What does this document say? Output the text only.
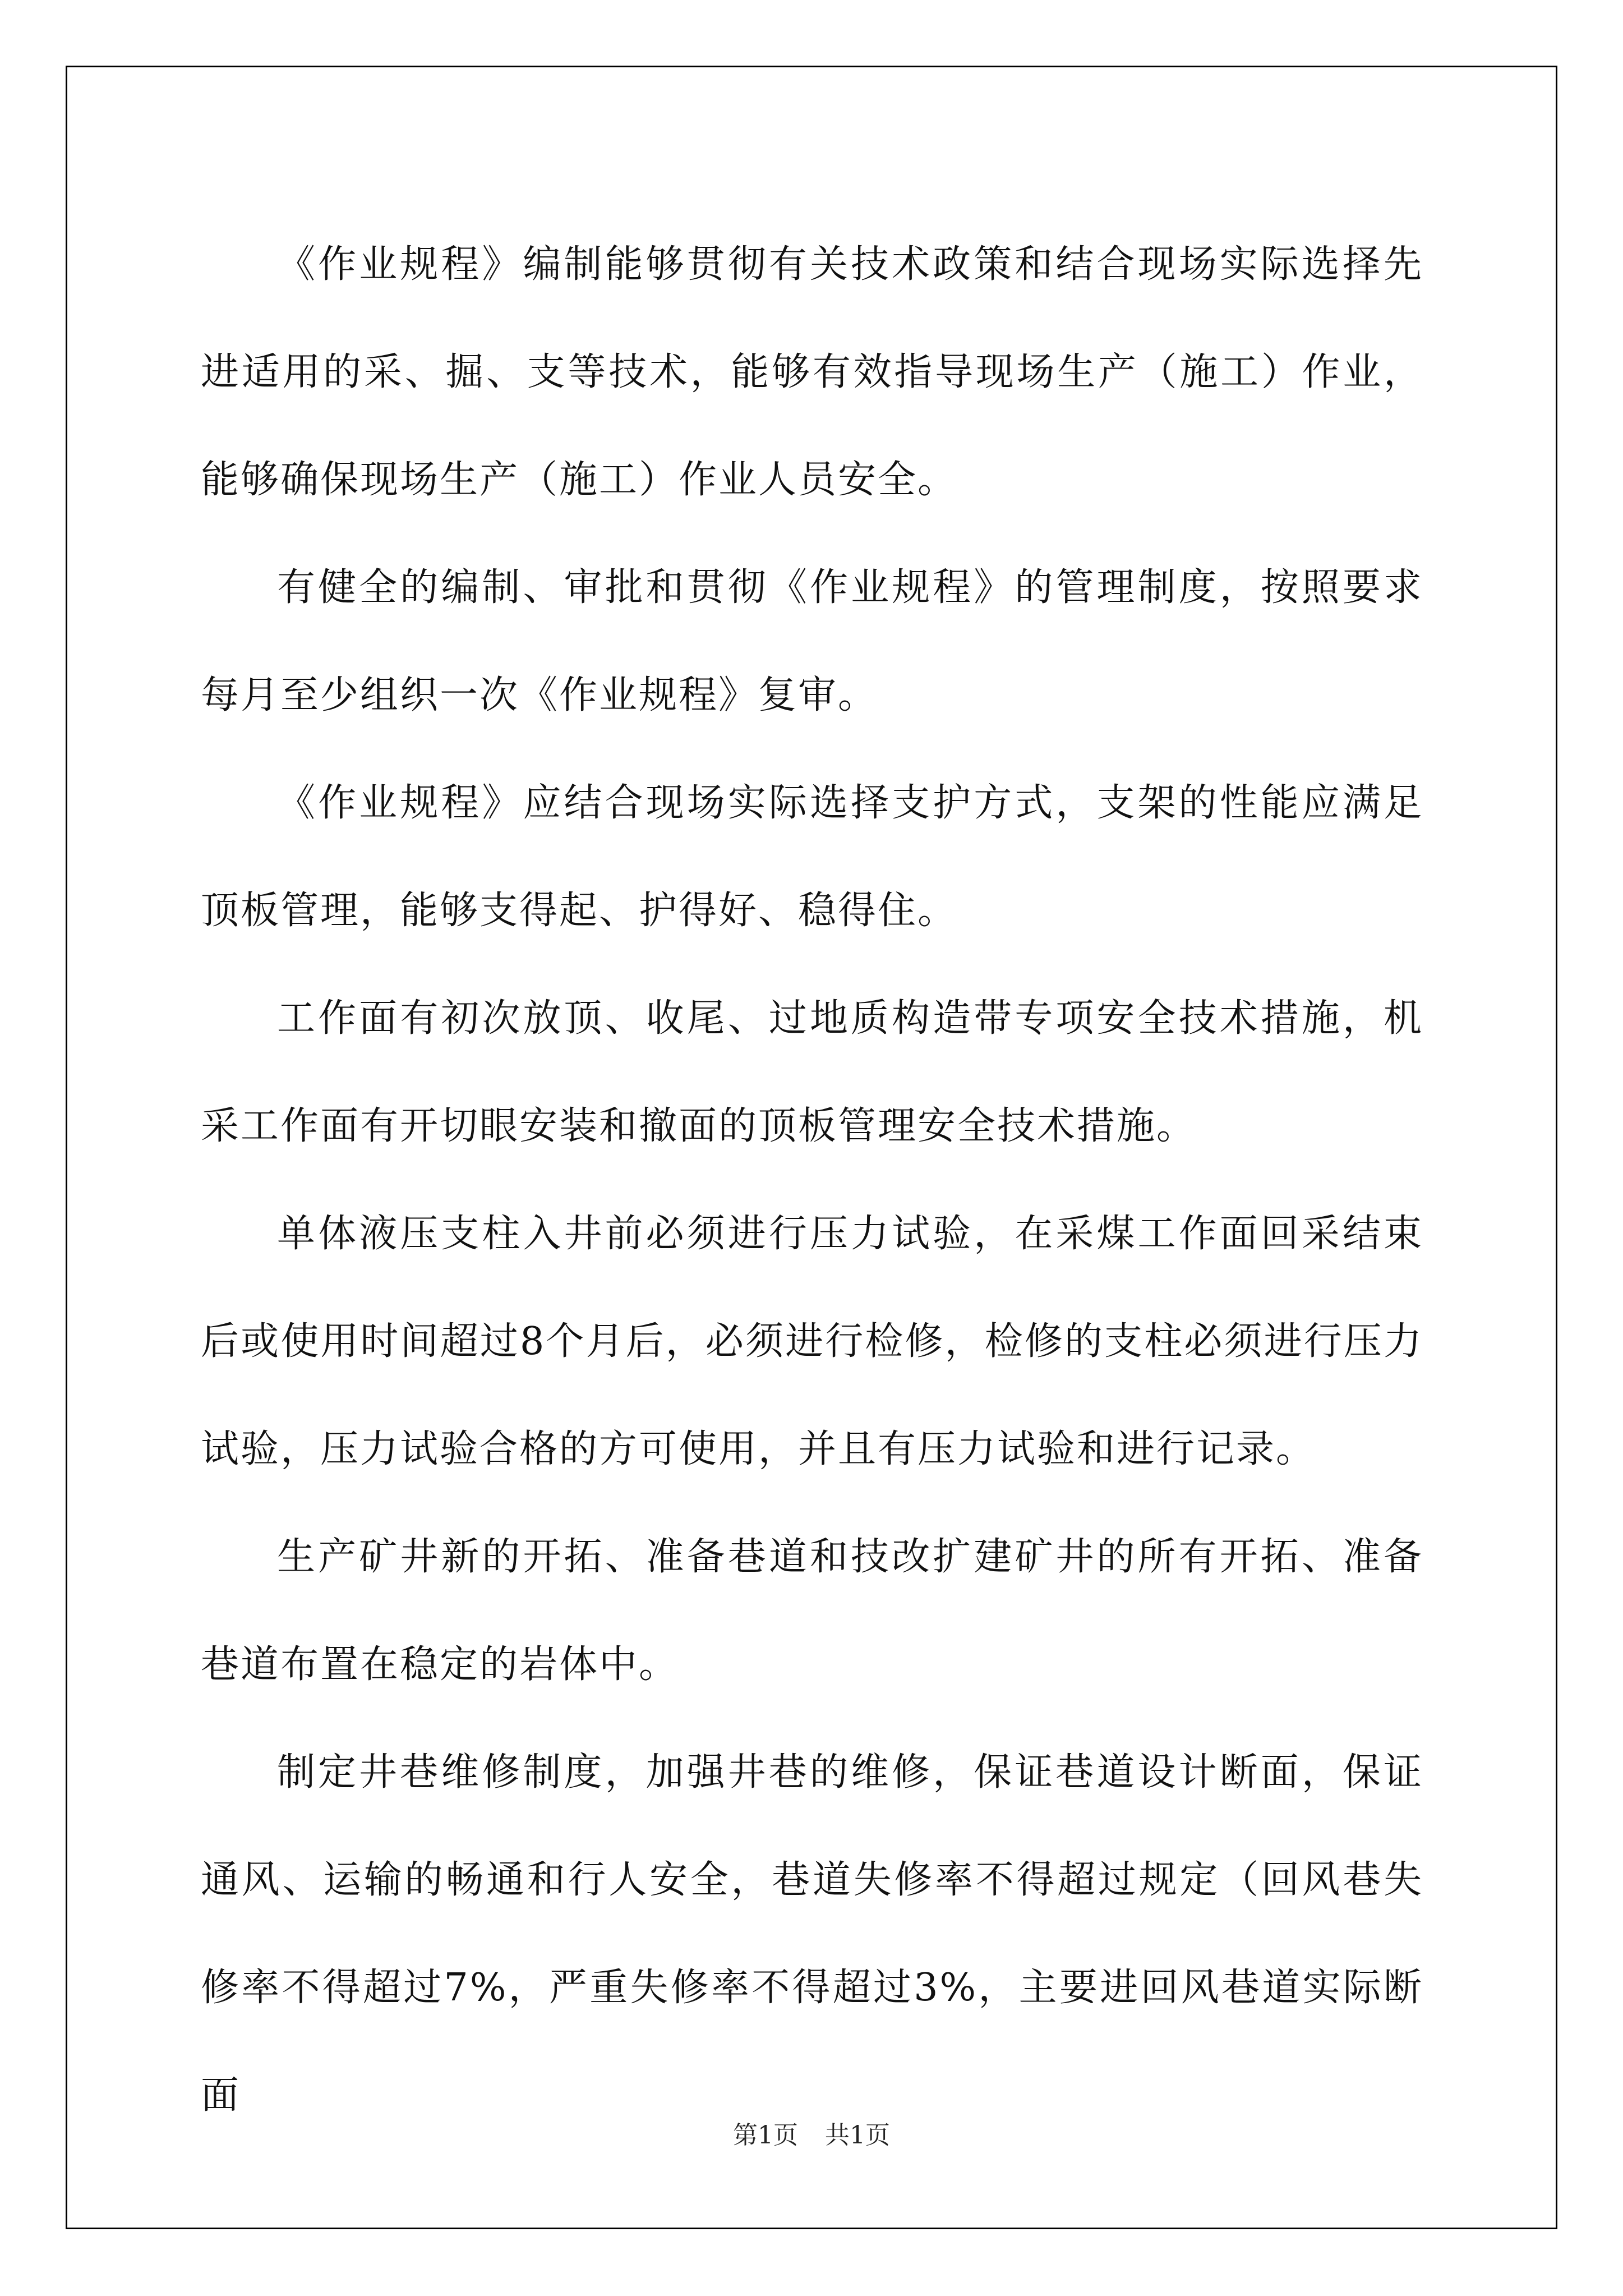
《作业规程》编制能够贯彻有关技术政策和结合现场实际选择先进适用的采、掘、支等技术，能够有效指导现场生产（施工）作业，能够确保现场生产（施工）作业人员安全。

有健全的编制、审批和贯彻《作业规程》的管理制度，按照要求每月至少组织一次《作业规程》复审。

《作业规程》应结合现场实际选择支护方式，支架的性能应满足顶板管理，能够支得起、护得好、稳得住。

工作面有初次放顶、收尾、过地质构造带专项安全技术措施，机采工作面有开切眼安装和撤面的顶板管理安全技术措施。

单体液压支柱入井前必须进行压力试验，在采煤工作面回采结束后或使用时间超过8个月后，必须进行检修，检修的支柱必须进行压力试验，压力试验合格的方可使用，并且有压力试验和进行记录。

生产矿井新的开拓、准备巷道和技改扩建矿井的所有开拓、准备巷道布置在稳定的岩体中。

制定井巷维修制度，加强井巷的维修，保证巷道设计断面，保证通风、运输的畅通和行人安全，巷道失修率不得超过规定（回风巷失修率不得超过7%，严重失修率不得超过3%，主要进回风巷道实际断面

第1页 共1页
